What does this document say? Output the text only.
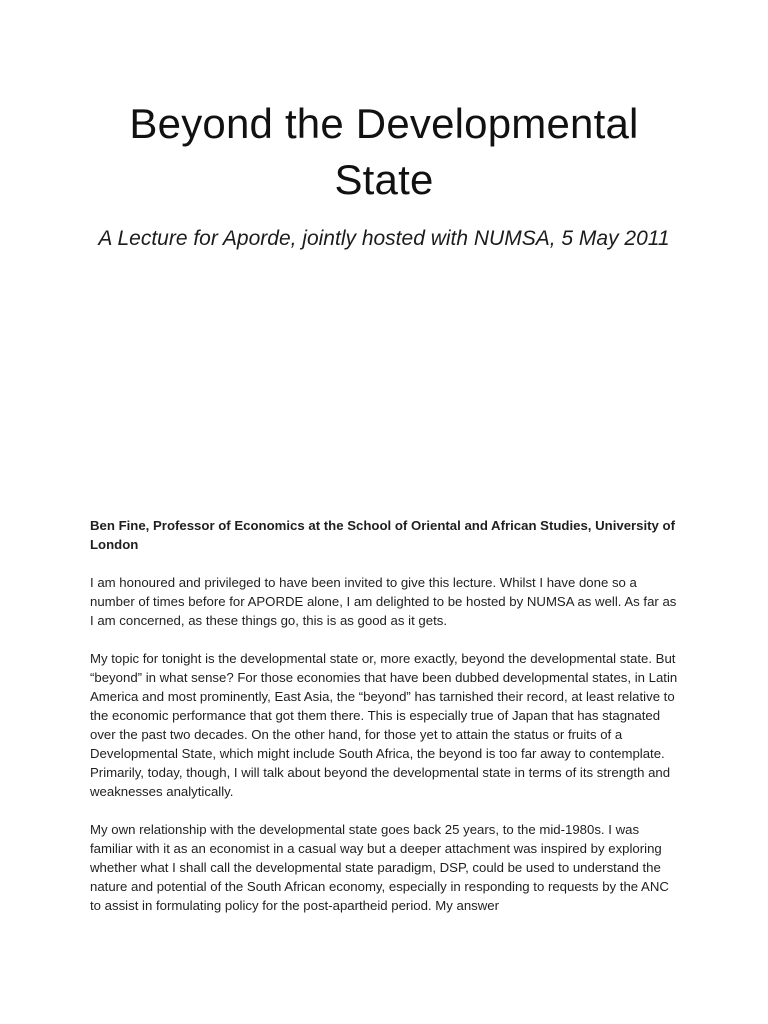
Beyond the Developmental State
A Lecture for Aporde, jointly hosted with NUMSA, 5 May 2011

Ben Fine, Professor of Economics at the School of Oriental and African Studies, University of London

I am honoured and privileged to have been invited to give this lecture. Whilst I have done so a number of times before for APORDE alone, I am delighted to be hosted by NUMSA as well. As far as I am concerned, as these things go, this is as good as it gets.

My topic for tonight is the developmental state or, more exactly, beyond the developmental state. But “beyond” in what sense? For those economies that have been dubbed developmental states, in Latin America and most prominently, East Asia, the “beyond” has tarnished their record, at least relative to the economic performance that got them there. This is especially true of Japan that has stagnated over the past two decades. On the other hand, for those yet to attain the status or fruits of a Developmental State, which might include South Africa, the beyond is too far away to contemplate. Primarily, today, though, I will talk about beyond the developmental state in terms of its strength and weaknesses analytically.

My own relationship with the developmental state goes back 25 years, to the mid-1980s. I was familiar with it as an economist in a casual way but a deeper attachment was inspired by exploring whether what I shall call the developmental state paradigm, DSP, could be used to understand the nature and potential of the South African economy, especially in responding to requests by the ANC to assist in formulating policy for the post-apartheid period. My answer
